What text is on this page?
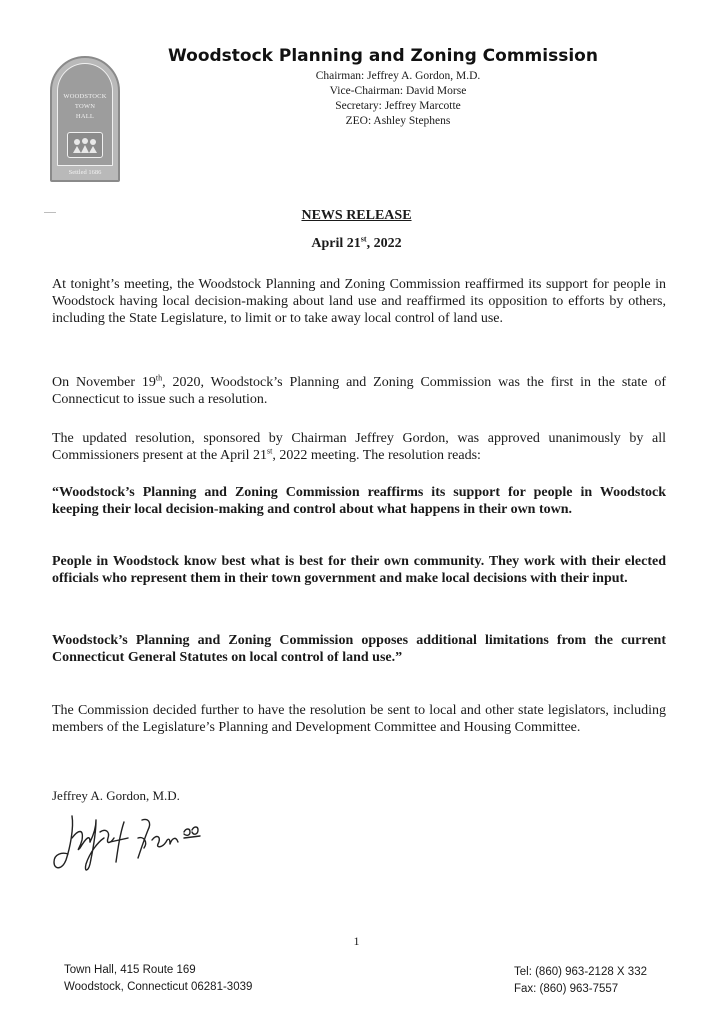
WOODSTOCK
TOWN
HALL
Settled 1686
Woodstock Planning and Zoning Commission
Chairman: Jeffrey A. Gordon, M.D.
Vice-Chairman: David Morse
Secretary: Jeffrey Marcotte
ZEO: Ashley Stephens
NEWS RELEASE
April 21st, 2022

At tonight’s meeting, the Woodstock Planning and Zoning Commission reaffirmed its support for people in Woodstock having local decision-making about land use and reaffirmed its opposition to efforts by others, including the State Legislature, to limit or to take away local control of land use.

On November 19th, 2020, Woodstock’s Planning and Zoning Commission was the first in the state of Connecticut to issue such a resolution.

The updated resolution, sponsored by Chairman Jeffrey Gordon, was approved unanimously by all Commissioners present at the April 21st, 2022 meeting. The resolution reads:

“Woodstock’s Planning and Zoning Commission reaffirms its support for people in Woodstock keeping their local decision-making and control about what happens in their own town.

People in Woodstock know best what is best for their own community. They work with their elected officials who represent them in their town government and make local decisions with their input.

Woodstock’s Planning and Zoning Commission opposes additional limitations from the current Connecticut General Statutes on local control of land use.”

The Commission decided further to have the resolution be sent to local and other state legislators, including members of the Legislature’s Planning and Development Committee and Housing Committee.

Jeffrey A. Gordon, M.D.
1
Town Hall, 415 Route 169
Woodstock, Connecticut 06281-3039
Tel: (860) 963-2128 X 332
Fax: (860) 963-7557
